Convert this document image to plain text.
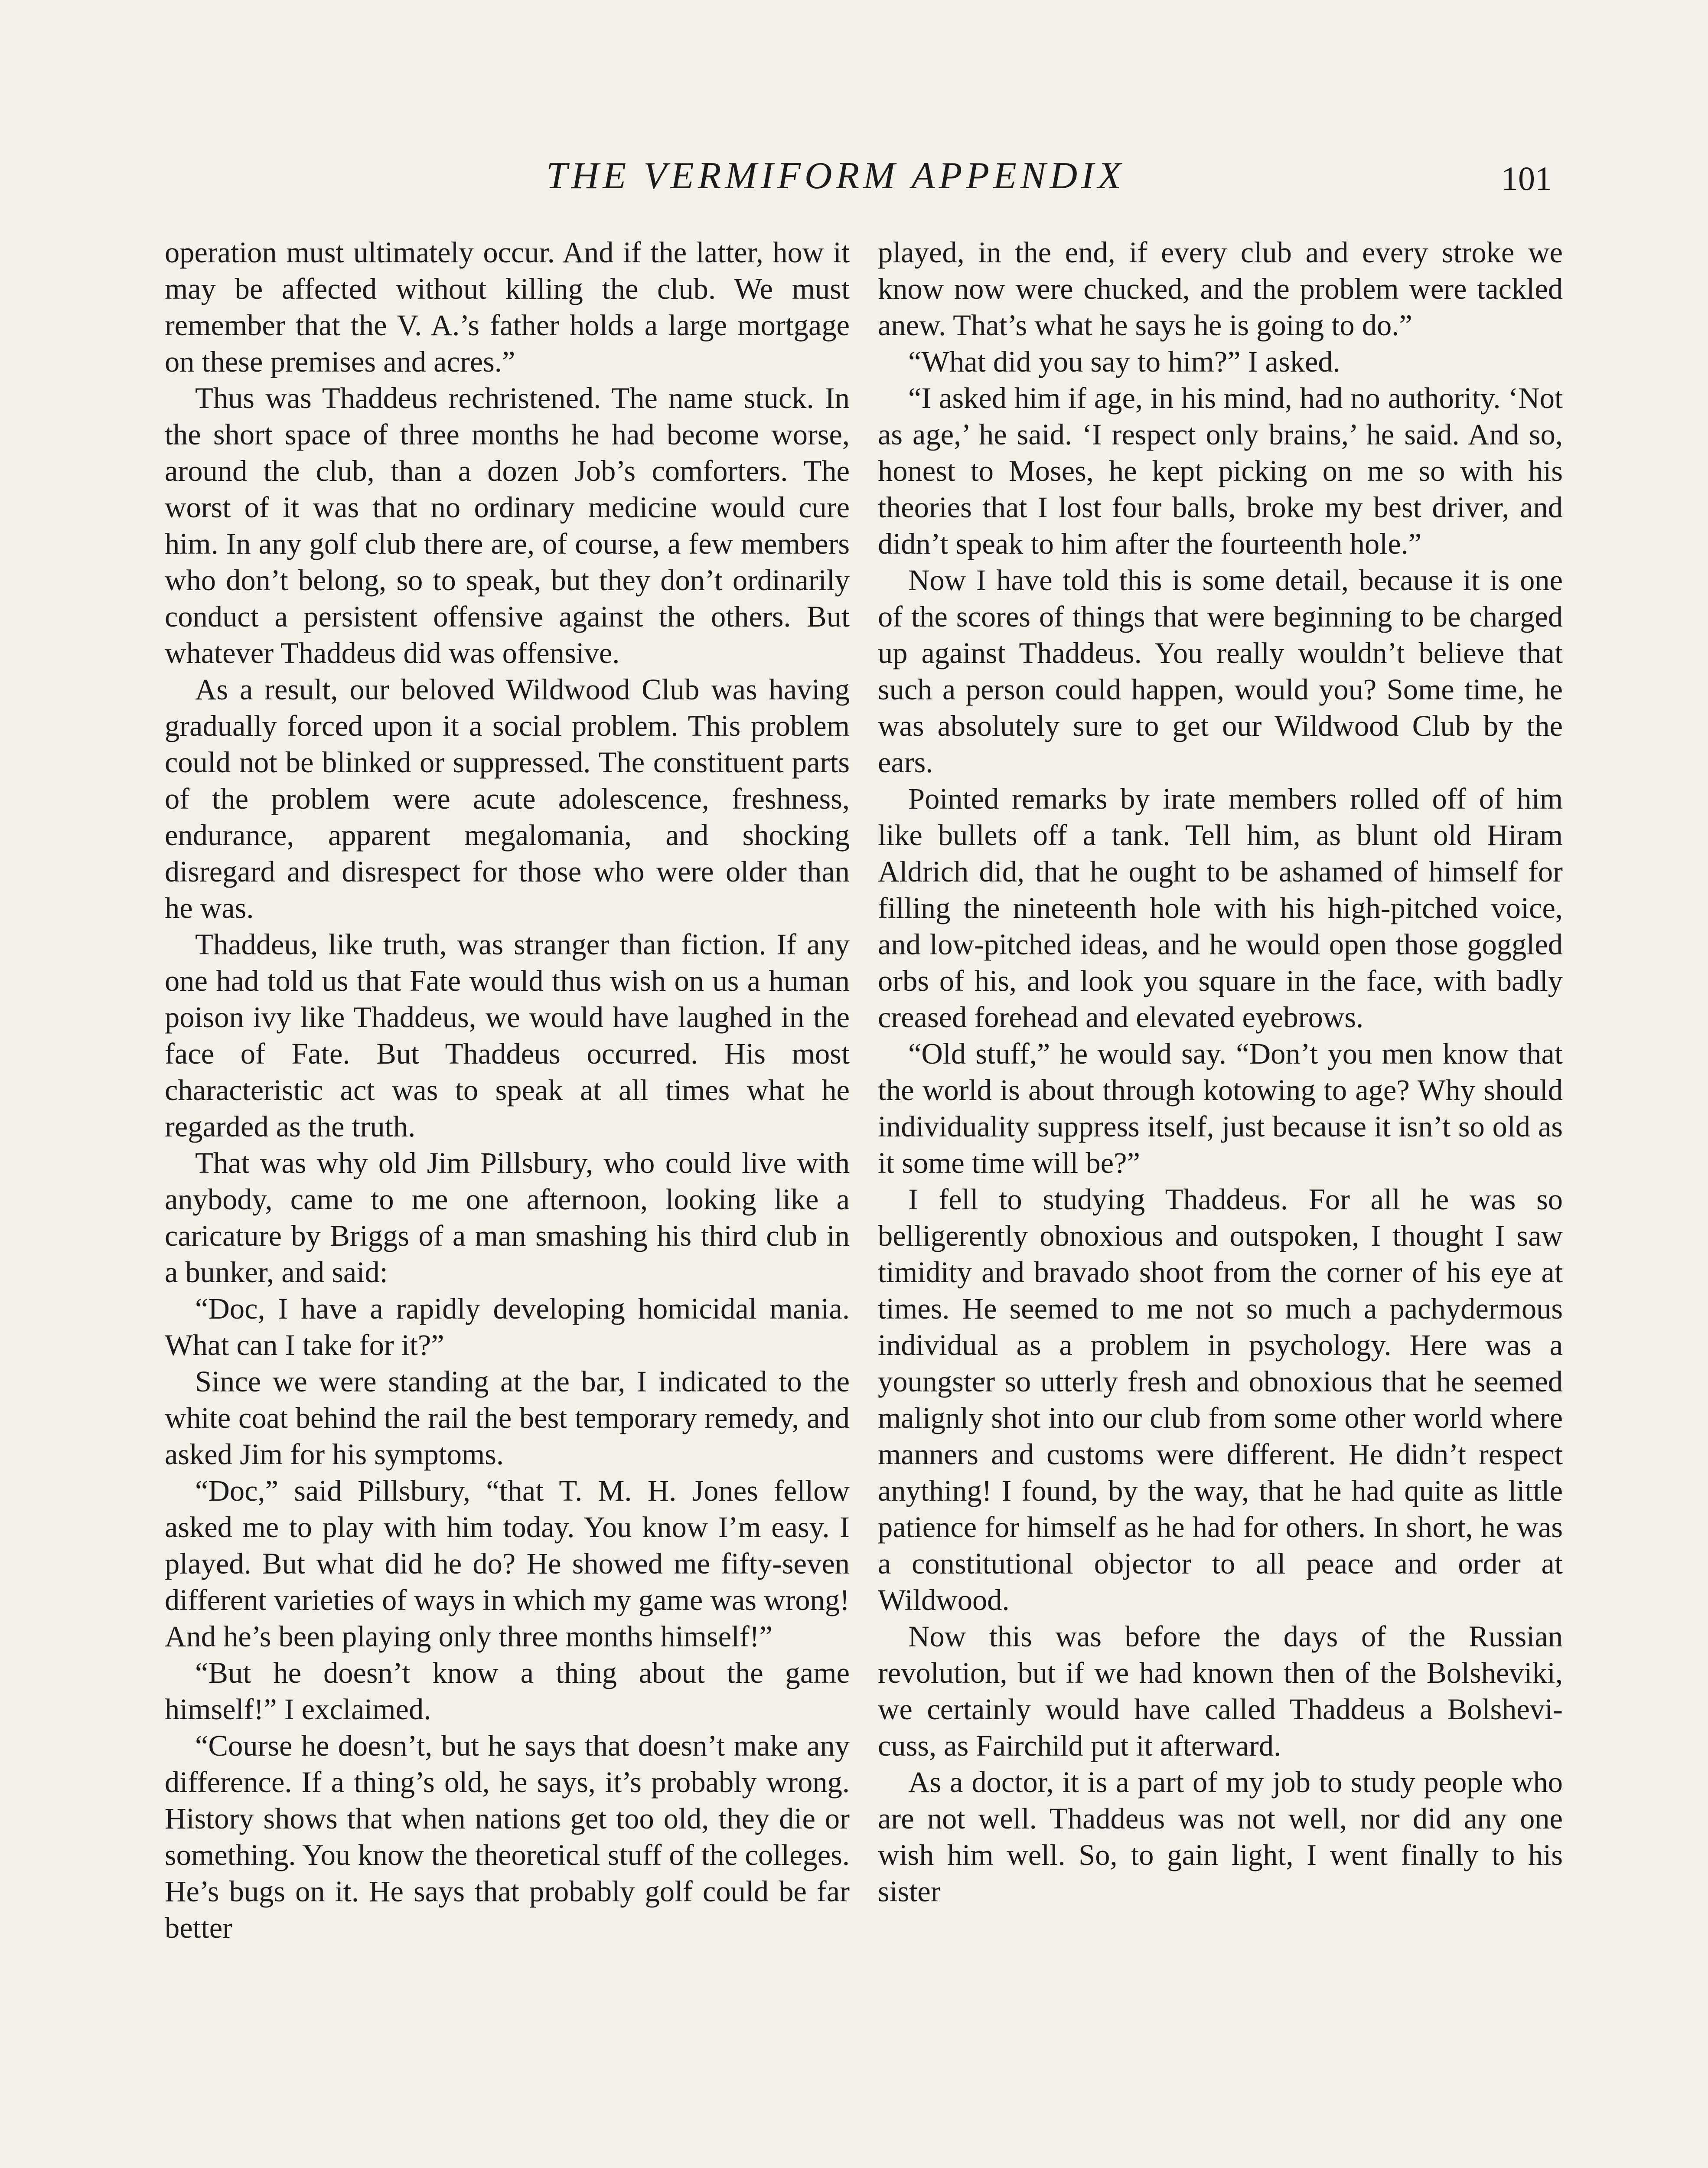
THE VERMIFORM APPENDIX	101

operation must ultimately occur. And if the latter, how it may be affected without killing the club. We must remember that the V. A.’s father holds a large mortgage on these premises and acres.”

Thus was Thaddeus rechristened. The name stuck. In the short space of three months he had become worse, around the club, than a dozen Job’s comforters. The worst of it was that no ordinary medicine would cure him. In any golf club there are, of course, a few members who don’t belong, so to speak, but they don’t ordinarily conduct a persistent offensive against the others. But whatever Thaddeus did was offensive.

As a result, our beloved Wildwood Club was having gradually forced upon it a social problem. This problem could not be blinked or suppressed. The constituent parts of the problem were acute adolescence, freshness, endurance, apparent megalomania, and shocking disregard and disrespect for those who were older than he was.

Thaddeus, like truth, was stranger than fiction. If any one had told us that Fate would thus wish on us a human poison ivy like Thaddeus, we would have laughed in the face of Fate. But Thaddeus occurred. His most characteristic act was to speak at all times what he regarded as the truth.

That was why old Jim Pillsbury, who could live with anybody, came to me one afternoon, looking like a caricature by Briggs of a man smashing his third club in a bunker, and said:

“Doc, I have a rapidly developing homicidal mania. What can I take for it?”

Since we were standing at the bar, I indicated to the white coat behind the rail the best temporary remedy, and asked Jim for his symptoms.

“Doc,” said Pillsbury, “that T. M. H. Jones fellow asked me to play with him today. You know I’m easy. I played. But what did he do? He showed me fifty-seven different varieties of ways in which my game was wrong! And he’s been playing only three months himself!”

“But he doesn’t know a thing about the game himself!” I exclaimed.

“Course he doesn’t, but he says that doesn’t make any difference. If a thing’s old, he says, it’s probably wrong. History shows that when nations get too old, they die or something. You know the theoretical stuff of the colleges. He’s bugs on it. He says that probably golf could be far better

played, in the end, if every club and every stroke we know now were chucked, and the problem were tackled anew. That’s what he says he is going to do.”

“What did you say to him?” I asked.

“I asked him if age, in his mind, had no authority. ‘Not as age,’ he said. ‘I respect only brains,’ he said. And so, honest to Moses, he kept picking on me so with his theories that I lost four balls, broke my best driver, and didn’t speak to him after the fourteenth hole.”

Now I have told this is some detail, because it is one of the scores of things that were beginning to be charged up against Thaddeus. You really wouldn’t believe that such a person could happen, would you? Some time, he was absolutely sure to get our Wildwood Club by the ears.

Pointed remarks by irate members rolled off of him like bullets off a tank. Tell him, as blunt old Hiram Aldrich did, that he ought to be ashamed of himself for filling the nineteenth hole with his high-pitched voice, and low-pitched ideas, and he would open those goggled orbs of his, and look you square in the face, with badly creased forehead and elevated eyebrows.

“Old stuff,” he would say. “Don’t you men know that the world is about through kotowing to age? Why should individuality suppress itself, just because it isn’t so old as it some time will be?”

I fell to studying Thaddeus. For all he was so belligerently obnoxious and outspoken, I thought I saw timidity and bravado shoot from the corner of his eye at times. He seemed to me not so much a pachydermous individual as a problem in psychology. Here was a youngster so utterly fresh and obnoxious that he seemed malignly shot into our club from some other world where manners and customs were different. He didn’t respect anything! I found, by the way, that he had quite as little patience for himself as he had for others. In short, he was a constitutional objector to all peace and order at Wildwood.

Now this was before the days of the Russian revolution, but if we had known then of the Bolsheviki, we certainly would have called Thaddeus a Bolshevi-cuss, as Fairchild put it afterward.

As a doctor, it is a part of my job to study people who are not well. Thaddeus was not well, nor did any one wish him well. So, to gain light, I went finally to his sister
